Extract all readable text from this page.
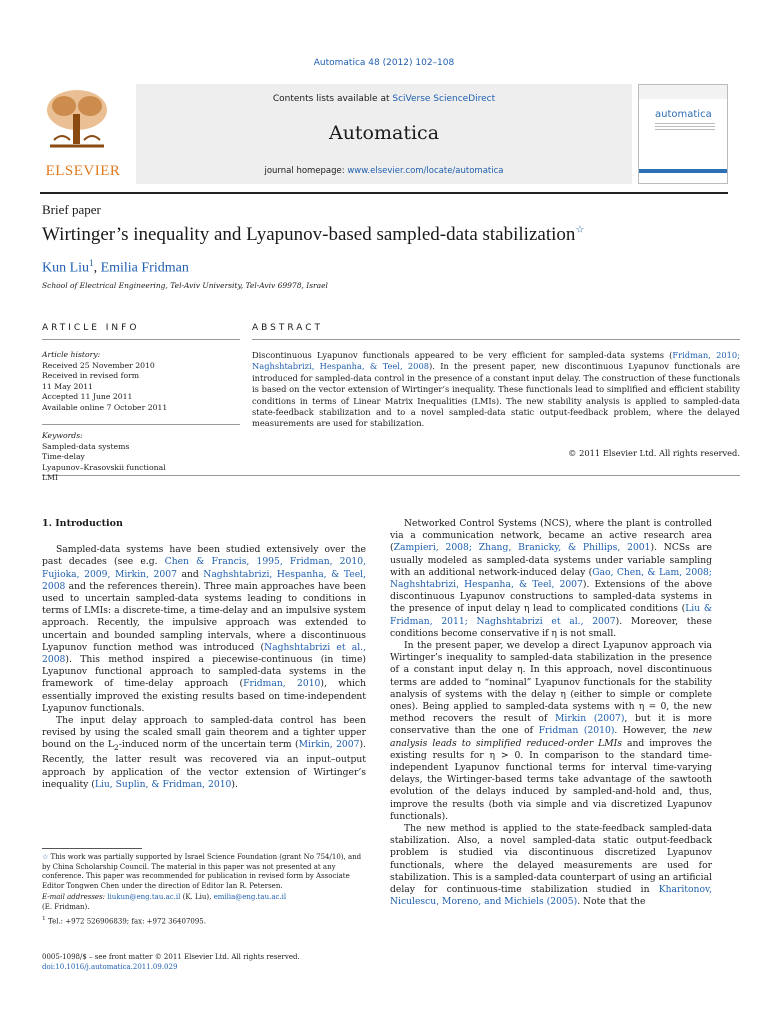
Automatica 48 (2012) 102–108
ELSEVIER
Contents lists available at SciVerse ScienceDirect
Automatica
journal homepage: www.elsevier.com/locate/automatica
automatica
Brief paper
Wirtinger’s inequality and Lyapunov-based sampled-data stabilization☆
Kun Liu$^1$, Emilia Fridman
School of Electrical Engineering, Tel-Aviv University, Tel-Aviv 69978, Israel
ARTICLE INFO	ABSTRACT
Article history:
Received 25 November 2010
Received in revised form
11 May 2011
Accepted 11 June 2011
Available online 7 October 2011
Keywords:
Sampled-data systems
Time-delay
Lyapunov–Krasovskii functional
LMI
Discontinuous Lyapunov functionals appeared to be very efficient for sampled-data systems (Fridman, 2010; Naghshtabrizi, Hespanha, & Teel, 2008). In the present paper, new discontinuous Lyapunov functionals are introduced for sampled-data control in the presence of a constant input delay. The construction of these functionals is based on the vector extension of Wirtinger’s inequality. These functionals lead to simplified and efficient stability conditions in terms of Linear Matrix Inequalities (LMIs). The new stability analysis is applied to sampled-data state-feedback stabilization and to a novel sampled-data static output-feedback problem, where the delayed measurements are used for stabilization.
© 2011 Elsevier Ltd. All rights reserved.

1. Introduction

Sampled-data systems have been studied extensively over the past decades (see e.g. Chen & Francis, 1995, Fridman, 2010, Fujioka, 2009, Mirkin, 2007 and Naghshtabrizi, Hespanha, & Teel, 2008 and the references therein). Three main approaches have been used to uncertain sampled-data systems leading to conditions in terms of LMIs: a discrete-time, a time-delay and an impulsive system approach. Recently, the impulsive approach was extended to uncertain and bounded sampling intervals, where a discontinuous Lyapunov function method was introduced (Naghshtabrizi et al., 2008). This method inspired a piecewise-continuous (in time) Lyapunov functional approach to sampled-data systems in the framework of time-delay approach (Fridman, 2010), which essentially improved the existing results based on time-independent Lyapunov functionals.

The input delay approach to sampled-data control has been revised by using the scaled small gain theorem and a tighter upper bound on the $L_2$-induced norm of the uncertain term (Mirkin, 2007). Recently, the latter result was recovered via an input–output approach by application of the vector extension of Wirtinger’s inequality (Liu, Suplin, & Fridman, 2010).

Networked Control Systems (NCS), where the plant is controlled via a communication network, became an active research area (Zampieri, 2008; Zhang, Branicky, & Phillips, 2001). NCSs are usually modeled as sampled-data systems under variable sampling with an additional network-induced delay (Gao, Chen, & Lam, 2008; Naghshtabrizi, Hespanha, & Teel, 2007). Extensions of the above discontinuous Lyapunov constructions to sampled-data systems in the presence of input delay η lead to complicated conditions (Liu & Fridman, 2011; Naghshtabrizi et al., 2007). Moreover, these conditions become conservative if η is not small.

In the present paper, we develop a direct Lyapunov approach via Wirtinger’s inequality to sampled-data stabilization in the presence of a constant input delay η. In this approach, novel discontinuous terms are added to “nominal” Lyapunov functionals for the stability analysis of systems with the delay η (either to simple or complete ones). Being applied to sampled-data systems with η = 0, the new method recovers the result of Mirkin (2007), but it is more conservative than the one of Fridman (2010). However, the new analysis leads to simplified reduced-order LMIs and improves the existing results for η > 0. In comparison to the standard time-independent Lyapunov functional terms for interval time-varying delays, the Wirtinger-based terms take advantage of the sawtooth evolution of the delays induced by sampled-and-hold and, thus, improve the results (both via simple and via discretized Lyapunov functionals).

The new method is applied to the state-feedback sampled-data stabilization. Also, a novel sampled-data static output-feedback problem is studied via discontinuous discretized Lyapunov functionals, where the delayed measurements are used for stabilization. This is a sampled-data counterpart of using an artificial delay for continuous-time stabilization studied in Kharitonov, Niculescu, Moreno, and Michiels (2005). Note that the

☆ This work was partially supported by Israel Science Foundation (grant No 754/10), and by China Scholarship Council. The material in this paper was not presented at any conference. This paper was recommended for publication in revised form by Associate Editor Tongwen Chen under the direction of Editor Ian R. Petersen.

E-mail addresses: liukun@eng.tau.ac.il (K. Liu), emilia@eng.tau.ac.il
(E. Fridman).

$^1$ Tel.: +972 526906839; fax: +972 36407095.

0005-1098/$ – see front matter © 2011 Elsevier Ltd. All rights reserved.
doi:10.1016/j.automatica.2011.09.029
